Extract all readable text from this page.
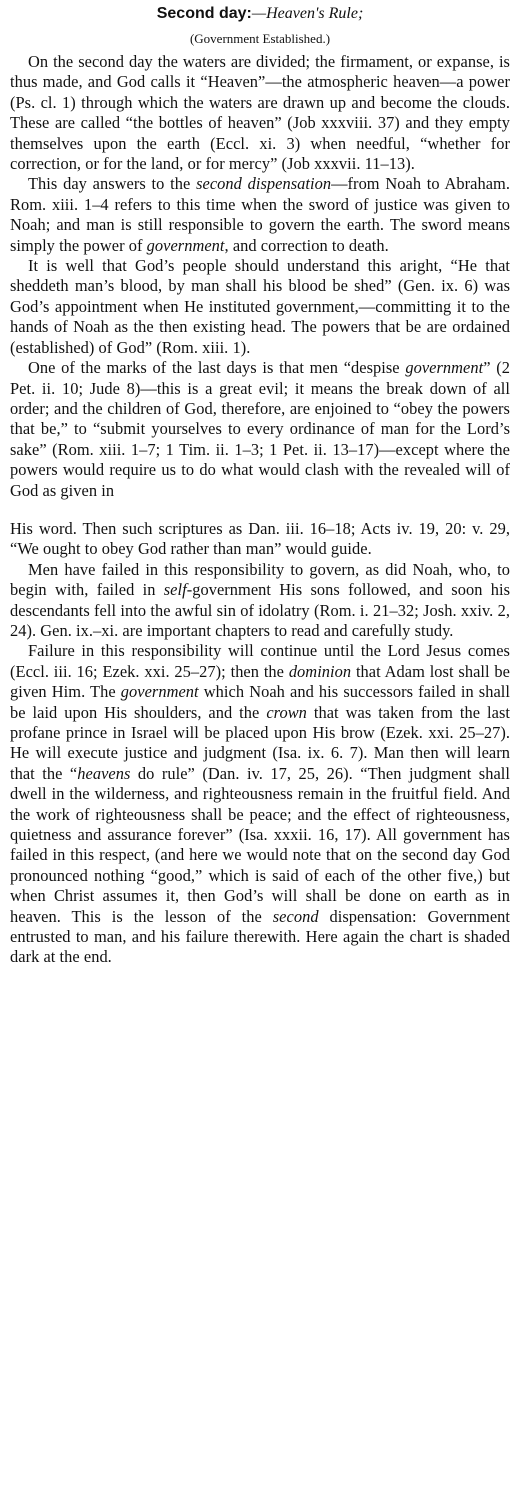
Second day:—Heaven's Rule;

(Government Established.)

On the second day the waters are divided; the firmament, or expanse, is thus made, and God calls it “Heaven”—the atmospheric heaven—a power (Ps. cl. 1) through which the waters are drawn up and become the clouds. These are called “the bottles of heaven” (Job xxxviii. 37) and they empty themselves upon the earth (Eccl. xi. 3) when needful, “whether for correction, or for the land, or for mercy” (Job xxxvii. 11–13).

This day answers to the second dispensation—from Noah to Abraham. Rom. xiii. 1–4 refers to this time when the sword of justice was given to Noah; and man is still responsible to govern the earth. The sword means simply the power of government, and correction to death.

It is well that God’s people should understand this aright, “He that sheddeth man’s blood, by man shall his blood be shed” (Gen. ix. 6) was God’s appointment when He instituted government,—committing it to the hands of Noah as the then existing head. The powers that be are ordained (established) of God” (Rom. xiii. 1).

One of the marks of the last days is that men “despise government” (2 Pet. ii. 10; Jude 8)—this is a great evil; it means the break down of all order; and the children of God, therefore, are enjoined to “obey the powers that be,” to “submit yourselves to every ordinance of man for the Lord’s sake” (Rom. xiii. 1–7; 1 Tim. ii. 1–3; 1 Pet. ii. 13–17)—except where the powers would require us to do what would clash with the revealed will of God as given in

His word. Then such scriptures as Dan. iii. 16–18; Acts iv. 19, 20: v. 29, “We ought to obey God rather than man” would guide.

Men have failed in this responsibility to govern, as did Noah, who, to begin with, failed in self-government His sons followed, and soon his descendants fell into the awful sin of idolatry (Rom. i. 21–32; Josh. xxiv. 2, 24). Gen. ix.–xi. are important chapters to read and carefully study.

Failure in this responsibility will continue until the Lord Jesus comes (Eccl. iii. 16; Ezek. xxi. 25–27); then the dominion that Adam lost shall be given Him. The government which Noah and his successors failed in shall be laid upon His shoulders, and the crown that was taken from the last profane prince in Israel will be placed upon His brow (Ezek. xxi. 25–27). He will execute justice and judgment (Isa. ix. 6. 7). Man then will learn that the “heavens do rule” (Dan. iv. 17, 25, 26). “Then judgment shall dwell in the wilderness, and righteousness remain in the fruitful field. And the work of righteousness shall be peace; and the effect of righteousness, quietness and assurance forever” (Isa. xxxii. 16, 17). All government has failed in this respect, (and here we would note that on the second day God pronounced nothing “good,” which is said of each of the other five,) but when Christ assumes it, then God’s will shall be done on earth as in heaven. This is the lesson of the second dispensation: Government entrusted to man, and his failure therewith. Here again the chart is shaded dark at the end.
